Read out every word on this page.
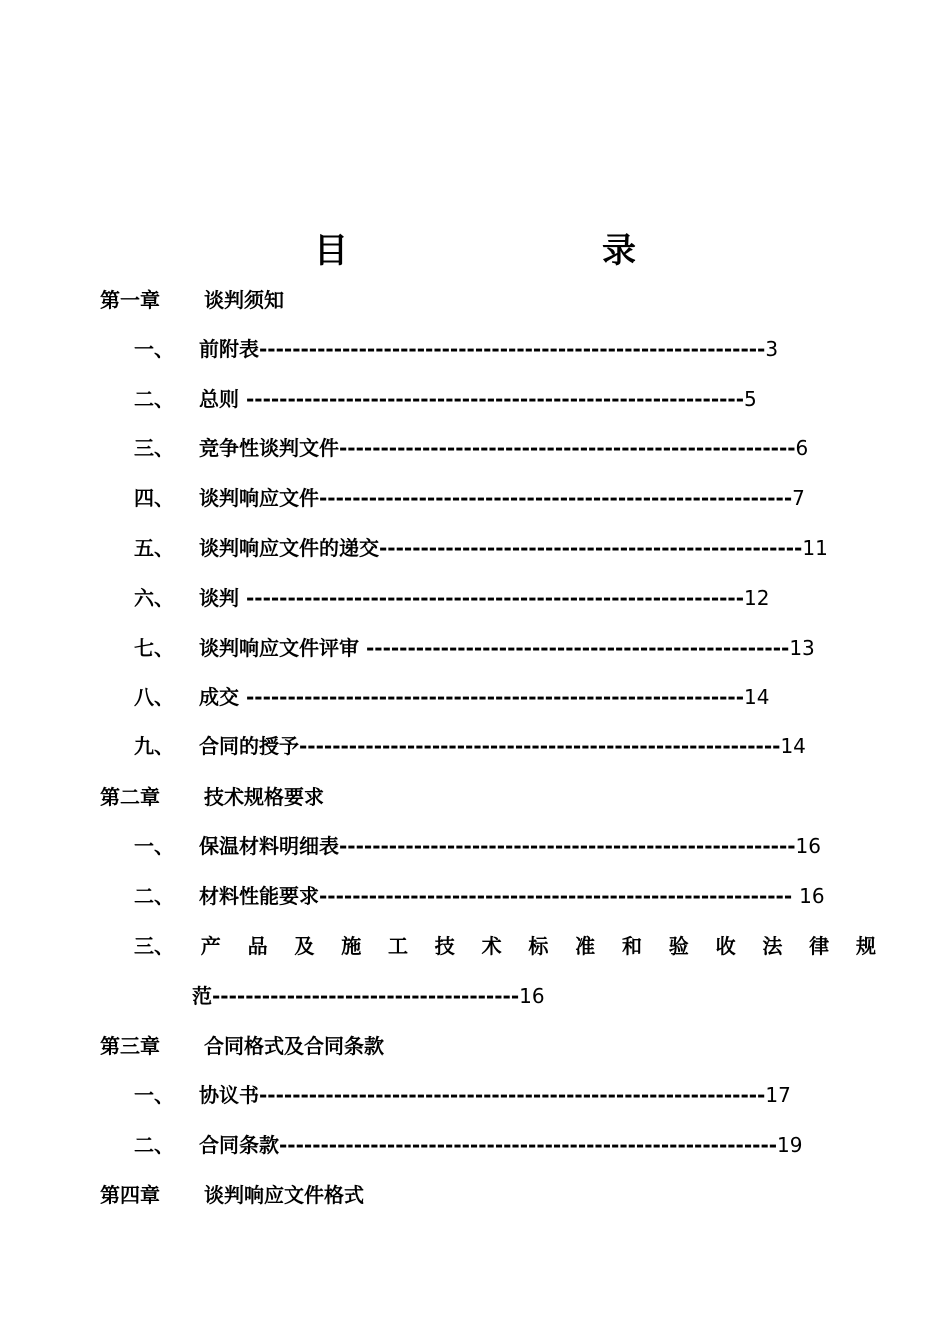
目　录
第一章 谈判须知
一、 前附表-------------------------------------------------------------3
二、 总则 ------------------------------------------------------------5
三、 竞争性谈判文件-------------------------------------------------------6
四、 谈判响应文件---------------------------------------------------------7
五、 谈判响应文件的递交---------------------------------------------------11
六、 谈判 ------------------------------------------------------------12
七、 谈判响应文件评审 ---------------------------------------------------13
八、 成交 ------------------------------------------------------------14
九、 合同的授予----------------------------------------------------------14
第二章 技术规格要求
一、 保温材料明细表-------------------------------------------------------16
二、 材料性能要求--------------------------------------------------------- 16
三、 产 品 及 施 工 技 术 标 准 和 验 收 法 律 规
范-------------------------------------16
第三章 合同格式及合同条款
一、 协议书-------------------------------------------------------------17
二、 合同条款------------------------------------------------------------19
第四章 谈判响应文件格式
